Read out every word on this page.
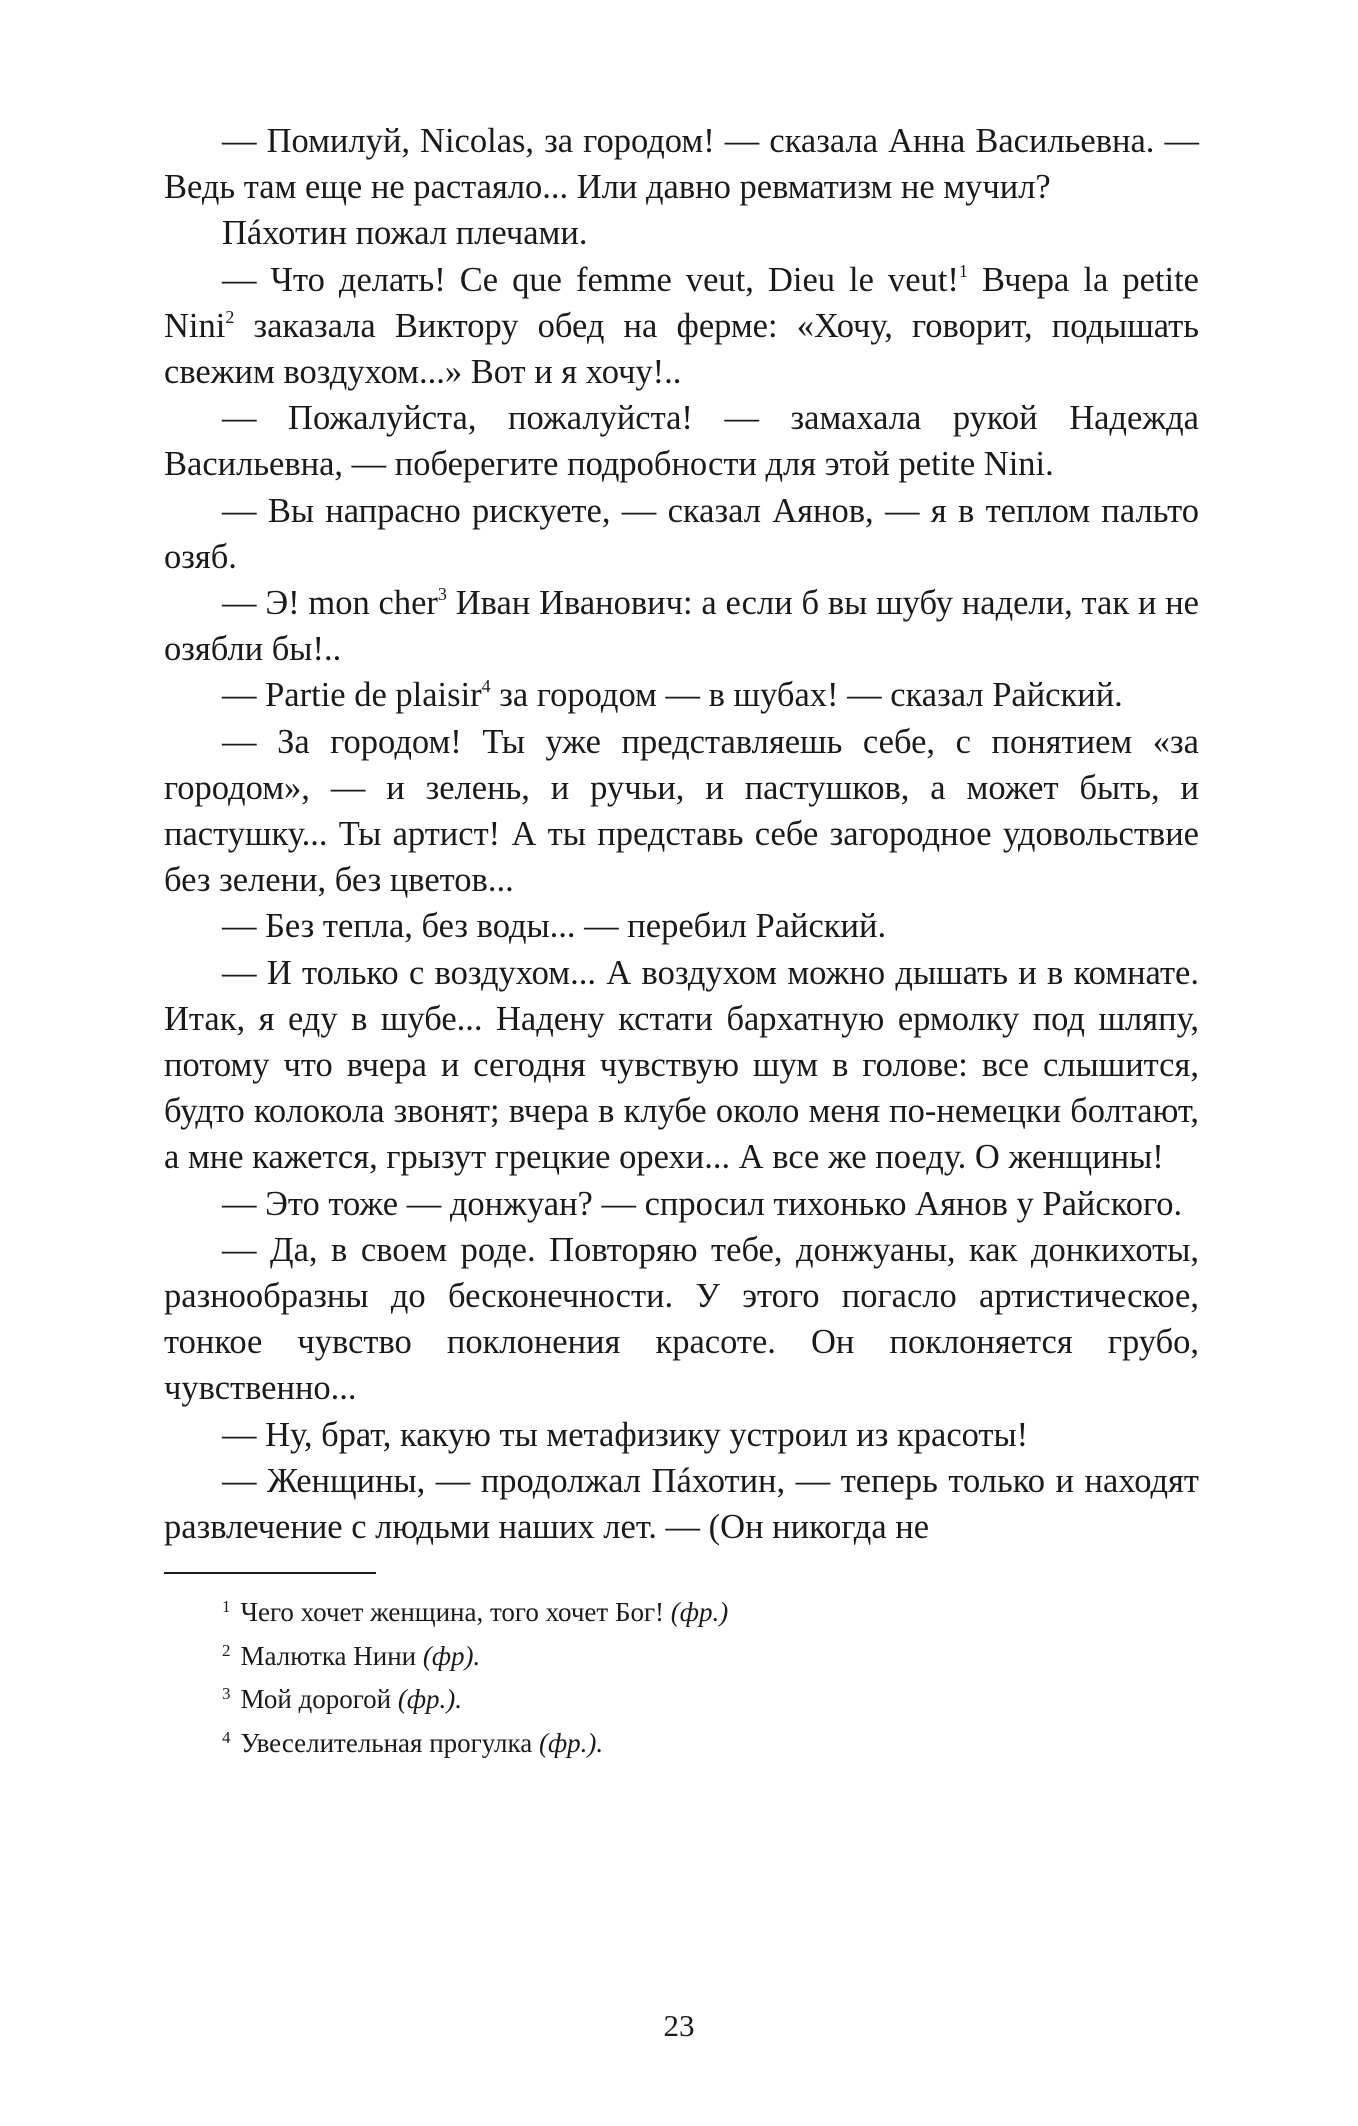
— Помилуй, Nicolas, за городом! — сказала Анна Васильевна. — Ведь там еще не растаяло... Или давно ревматизм не мучил?

Пáхотин пожал плечами.

— Что делать! Ce que femme veut, Dieu le veut!$^1$ Вчера la petite Nini$^2$ заказала Виктору обед на ферме: «Хочу, говорит, подышать свежим воздухом...» Вот и я хочу!..

— Пожалуйста, пожалуйста! — замахала рукой Надежда Васильевна, — поберегите подробности для этой petite Nini.

— Вы напрасно рискуете, — сказал Аянов, — я в теплом пальто озяб.

— Э! mon cher$^3$ Иван Иванович: а если б вы шубу надели, так и не озябли бы!..

— Partie de plaisir$^4$ за городом — в шубах! — сказал Райский.

— За городом! Ты уже представляешь себе, с понятием «за городом», — и зелень, и ручьи, и пастушков, а может быть, и пастушку... Ты артист! А ты представь себе загородное удовольствие без зелени, без цветов...

— Без тепла, без воды... — перебил Райский.

— И только с воздухом... А воздухом можно дышать и в комнате. Итак, я еду в шубе... Надену кстати бархатную ермолку под шляпу, потому что вчера и сегодня чувствую шум в голове: все слышится, будто колокола звонят; вчера в клубе около меня по-немецки болтают, а мне кажется, грызут грецкие орехи... А все же поеду. О женщины!

— Это тоже — донжуан? — спросил тихонько Аянов у Райского.

— Да, в своем роде. Повторяю тебе, донжуаны, как донкихоты, разнообразны до бесконечности. У этого погасло артистическое, тонкое чувство поклонения красоте. Он поклоняется грубо, чувственно...

— Ну, брат, какую ты метафизику устроил из красоты!

— Женщины, — продолжал Пáхотин, — теперь только и находят развлечение с людьми наших лет. — (Он никогда не

$^1$ Чего хочет женщина, того хочет Бог! (фр.)

$^2$ Малютка Нини (фр).

$^3$ Мой дорогой (фр.).

$^4$ Увеселительная прогулка (фр.).

23
